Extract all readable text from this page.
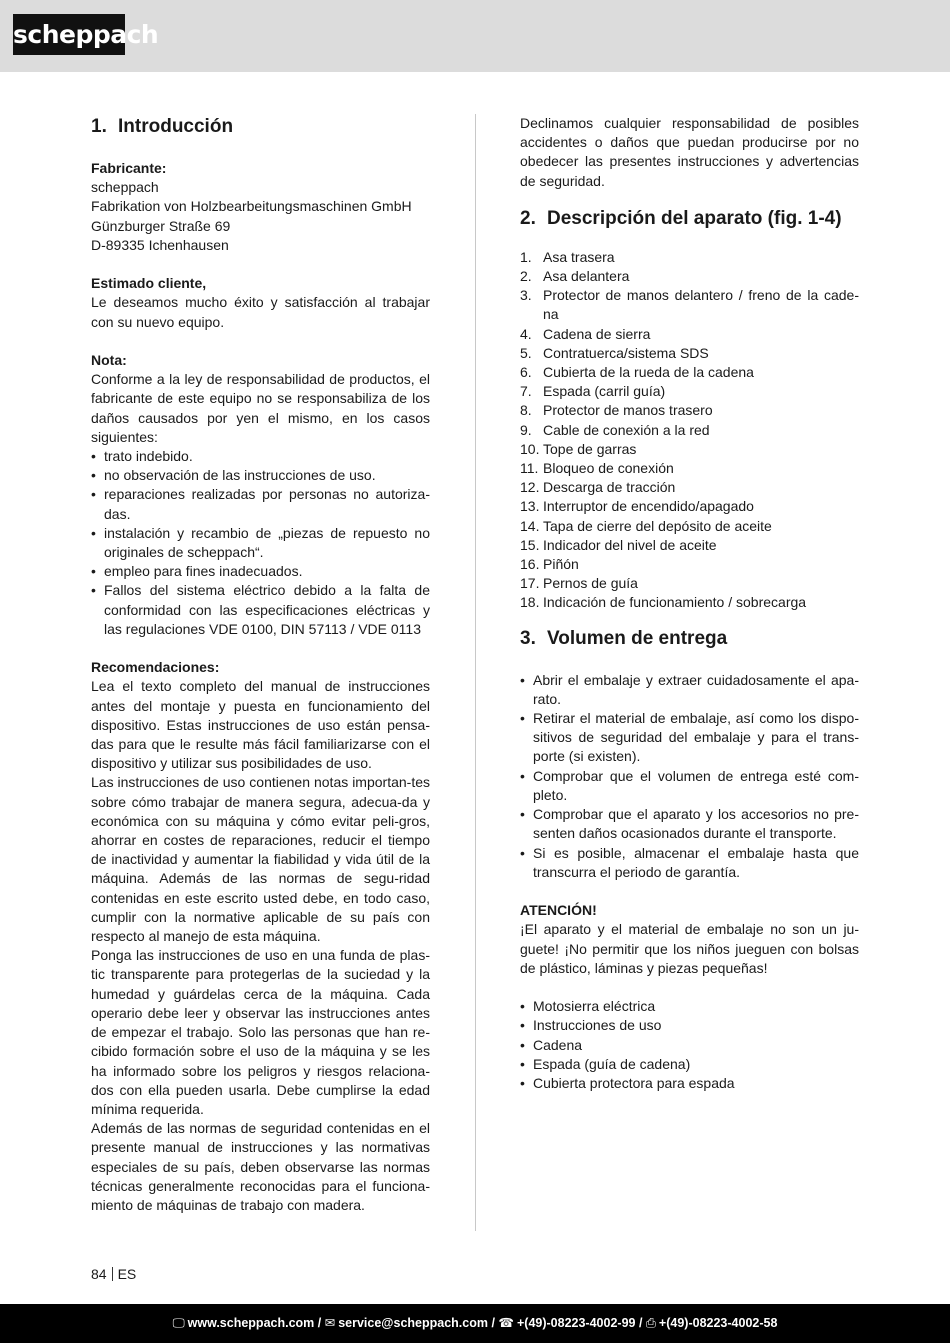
scheppach
1. Introducción
Fabricante:
scheppach
Fabrikation von Holzbearbeitungsmaschinen GmbH
Günzburger Straße 69
D-89335 Ichenhausen
Estimado cliente,

Le deseamos mucho éxito y satisfacción al trabajar con su nuevo equipo.

Nota:

Conforme a la ley de responsabilidad de productos, el fabricante de este equipo no se responsabiliza de los daños causados por yen el mismo, en los casos siguientes:

• trato indebido.
• no observación de las instrucciones de uso.
• reparaciones realizadas por personas no autoriza-das.
• instalación y recambio de „piezas de repuesto no originales de scheppach“.
• empleo para fines inadecuados.
• Fallos del sistema eléctrico debido a la falta de conformidad con las especificaciones eléctricas y las regulaciones VDE 0100, DIN 57113 / VDE 0113
Recomendaciones:

Lea el texto completo del manual de instrucciones antes del montaje y puesta en funcionamiento del dispositivo. Estas instrucciones de uso están pensa-das para que le resulte más fácil familiarizarse con el dispositivo y utilizar sus posibilidades de uso.

Las instrucciones de uso contienen notas importan-tes sobre cómo trabajar de manera segura, adecua-da y económica con su máquina y cómo evitar peli-gros, ahorrar en costes de reparaciones, reducir el tiempo de inactividad y aumentar la fiabilidad y vida útil de la máquina. Además de las normas de segu-ridad contenidas en este escrito usted debe, en todo caso, cumplir con la normative aplicable de su país con respecto al manejo de esta máquina.

Ponga las instrucciones de uso en una funda de plas-tic transparente para protegerlas de la suciedad y la humedad y guárdelas cerca de la máquina. Cada operario debe leer y observar las instrucciones antes de empezar el trabajo. Solo las personas que han re-cibido formación sobre el uso de la máquina y se les ha informado sobre los peligros y riesgos relaciona-dos con ella pueden usarla. Debe cumplirse la edad mínima requerida.

Además de las normas de seguridad contenidas en el presente manual de instrucciones y las normativas especiales de su país, deben observarse las normas técnicas generalmente reconocidas para el funciona-miento de máquinas de trabajo con madera.

Declinamos cualquier responsabilidad de posibles accidentes o daños que puedan producirse por no obedecer las presentes instrucciones y advertencias de seguridad.

2. Descripción del aparato (fig. 1-4)
1. Asa trasera
2. Asa delantera
3. Protector de manos delantero / freno de la cade-na
4. Cadena de sierra
5. Contratuerca/sistema SDS
6. Cubierta de la rueda de la cadena
7. Espada (carril guía)
8. Protector de manos trasero
9. Cable de conexión a la red
10. Tope de garras
11. Bloqueo de conexión
12. Descarga de tracción
13. Interruptor de encendido/apagado
14. Tapa de cierre del depósito de aceite
15. Indicador del nivel de aceite
16. Piñón
17. Pernos de guía
18. Indicación de funcionamiento / sobrecarga
3. Volumen de entrega
• Abrir el embalaje y extraer cuidadosamente el apa-rato.
• Retirar el material de embalaje, así como los dispo-sitivos de seguridad del embalaje y para el trans-porte (si existen).
• Comprobar que el volumen de entrega esté com-pleto.
• Comprobar que el aparato y los accesorios no pre-senten daños ocasionados durante el transporte.
• Si es posible, almacenar el embalaje hasta que transcurra el periodo de garantía.
ATENCIÓN!

¡El aparato y el material de embalaje no son un ju-guete! ¡No permitir que los niños jueguen con bolsas de plástico, láminas y piezas pequeñas!

• Motosierra eléctrica
• Instrucciones de uso
• Cadena
• Espada (guía de cadena)
• Cubierta protectora para espada
84 ES
🖵 www.scheppach.com / ✉ service@scheppach.com / ☎ +(49)-08223-4002-99 / ⎙ +(49)-08223-4002-58
